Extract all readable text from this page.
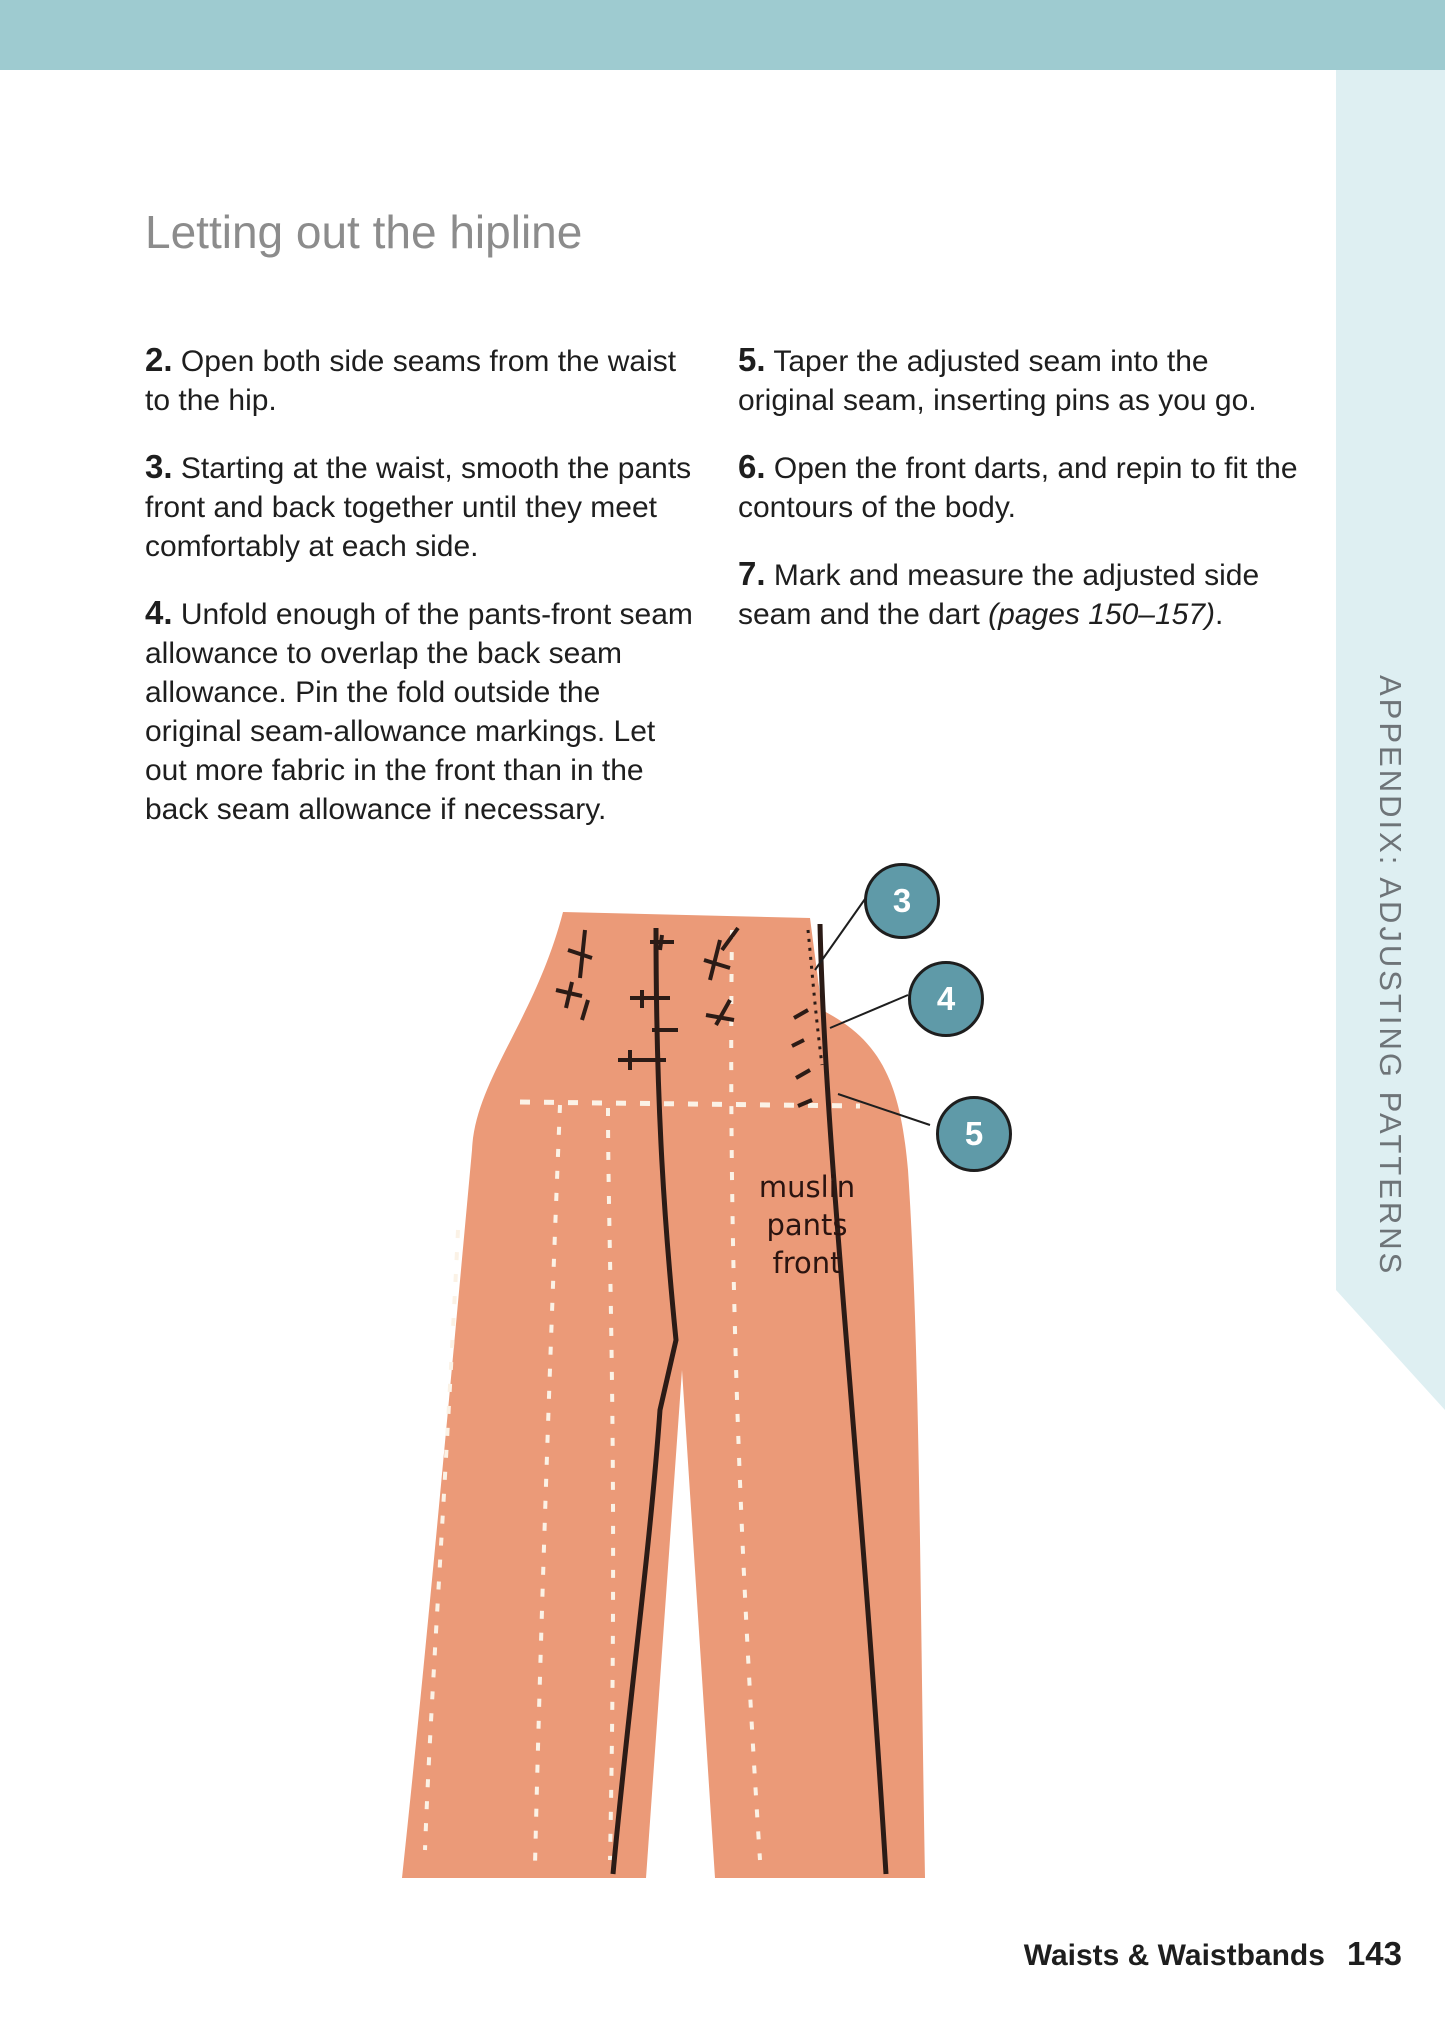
APPENDIX: ADJUSTING PATTERNS
Letting out the hipline

2. Open both side seams from the waist to the hip.

3. Starting at the waist, smooth the pants front and back together until they meet comfortably at each side.

4. Unfold enough of the pants-front seam allowance to overlap the back seam allowance. Pin the fold outside the original seam-allowance markings. Let out more fabric in the front than in the back seam allowance if necessary.

5. Taper the adjusted seam into the original seam, inserting pins as you go.

6. Open the front darts, and repin to fit the contours of the body.

7. Mark and measure the adjusted side seam and the dart (pages 150–157).

3
4
5
muslin
pants front
Waists & Waistbands 143
